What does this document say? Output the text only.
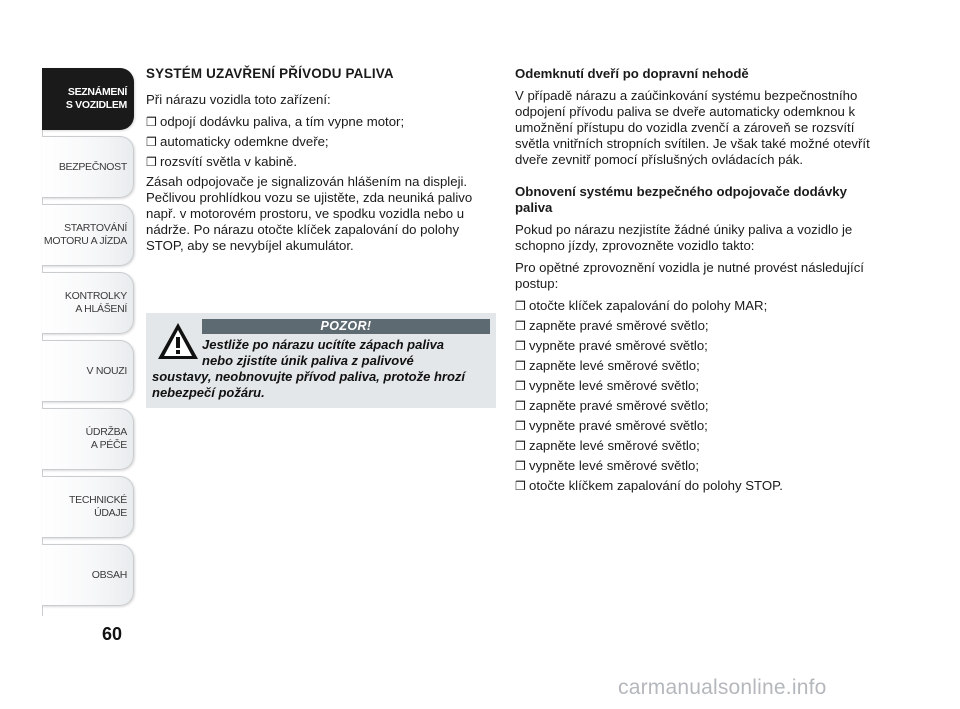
SEZNÁMENÍ
S VOZIDLEM
BEZPEČNOST
STARTOVÁNÍ
MOTORU A JÍZDA
KONTROLKY
A HLÁŠENÍ
V NOUZI
ÚDRŽBA
A PÉČE
TECHNICKÉ
ÚDAJE
OBSAH
60
SYSTÉM UZAVŘENÍ PŘÍVODU PALIVA

Při nárazu vozidla toto zařízení:

❒ odpojí dodávku paliva, a tím vypne motor;
❒ automaticky odemkne dveře;
❒ rozsvítí světla v kabině.

Zásah odpojovače je signalizován hlášením na displeji. Pečlivou prohlídkou vozu se ujistěte, zda neuniká palivo např. v motorovém prostoru, ve spodku vozidla nebo u nádrže. Po nárazu otočte klíček zapalování do polohy STOP, aby se nevybíjel akumulátor.

POZOR!
Jestliže po nárazu ucítíte zápach paliva
nebo zjistíte únik paliva z palivové
soustavy, neobnovujte přívod paliva, protože hrozí nebezpečí požáru.
Odemknutí dveří po dopravní nehodě

V případě nárazu a zaúčinkování systému bezpečnostního odpojení přívodu paliva se dveře automaticky odemknou k umožnění přístupu do vozidla zvenčí a zároveň se rozsvítí světla vnitřních stropních svítilen. Je však také možné otevřít dveře zevnitř pomocí příslušných ovládacích pák.

Obnovení systému bezpečného odpojovače dodávky paliva

Pokud po nárazu nezjistíte žádné úniky paliva a vozidlo je schopno jízdy, zprovozněte vozidlo takto:

Pro opětné zprovoznění vozidla je nutné provést následující postup:

❒ otočte klíček zapalování do polohy MAR;
❒ zapněte pravé směrové světlo;
❒ vypněte pravé směrové světlo;
❒ zapněte levé směrové světlo;
❒ vypněte levé směrové světlo;
❒ zapněte pravé směrové světlo;
❒ vypněte pravé směrové světlo;
❒ zapněte levé směrové světlo;
❒ vypněte levé směrové světlo;
❒ otočte klíčkem zapalování do polohy STOP.
carmanualsonline.info
